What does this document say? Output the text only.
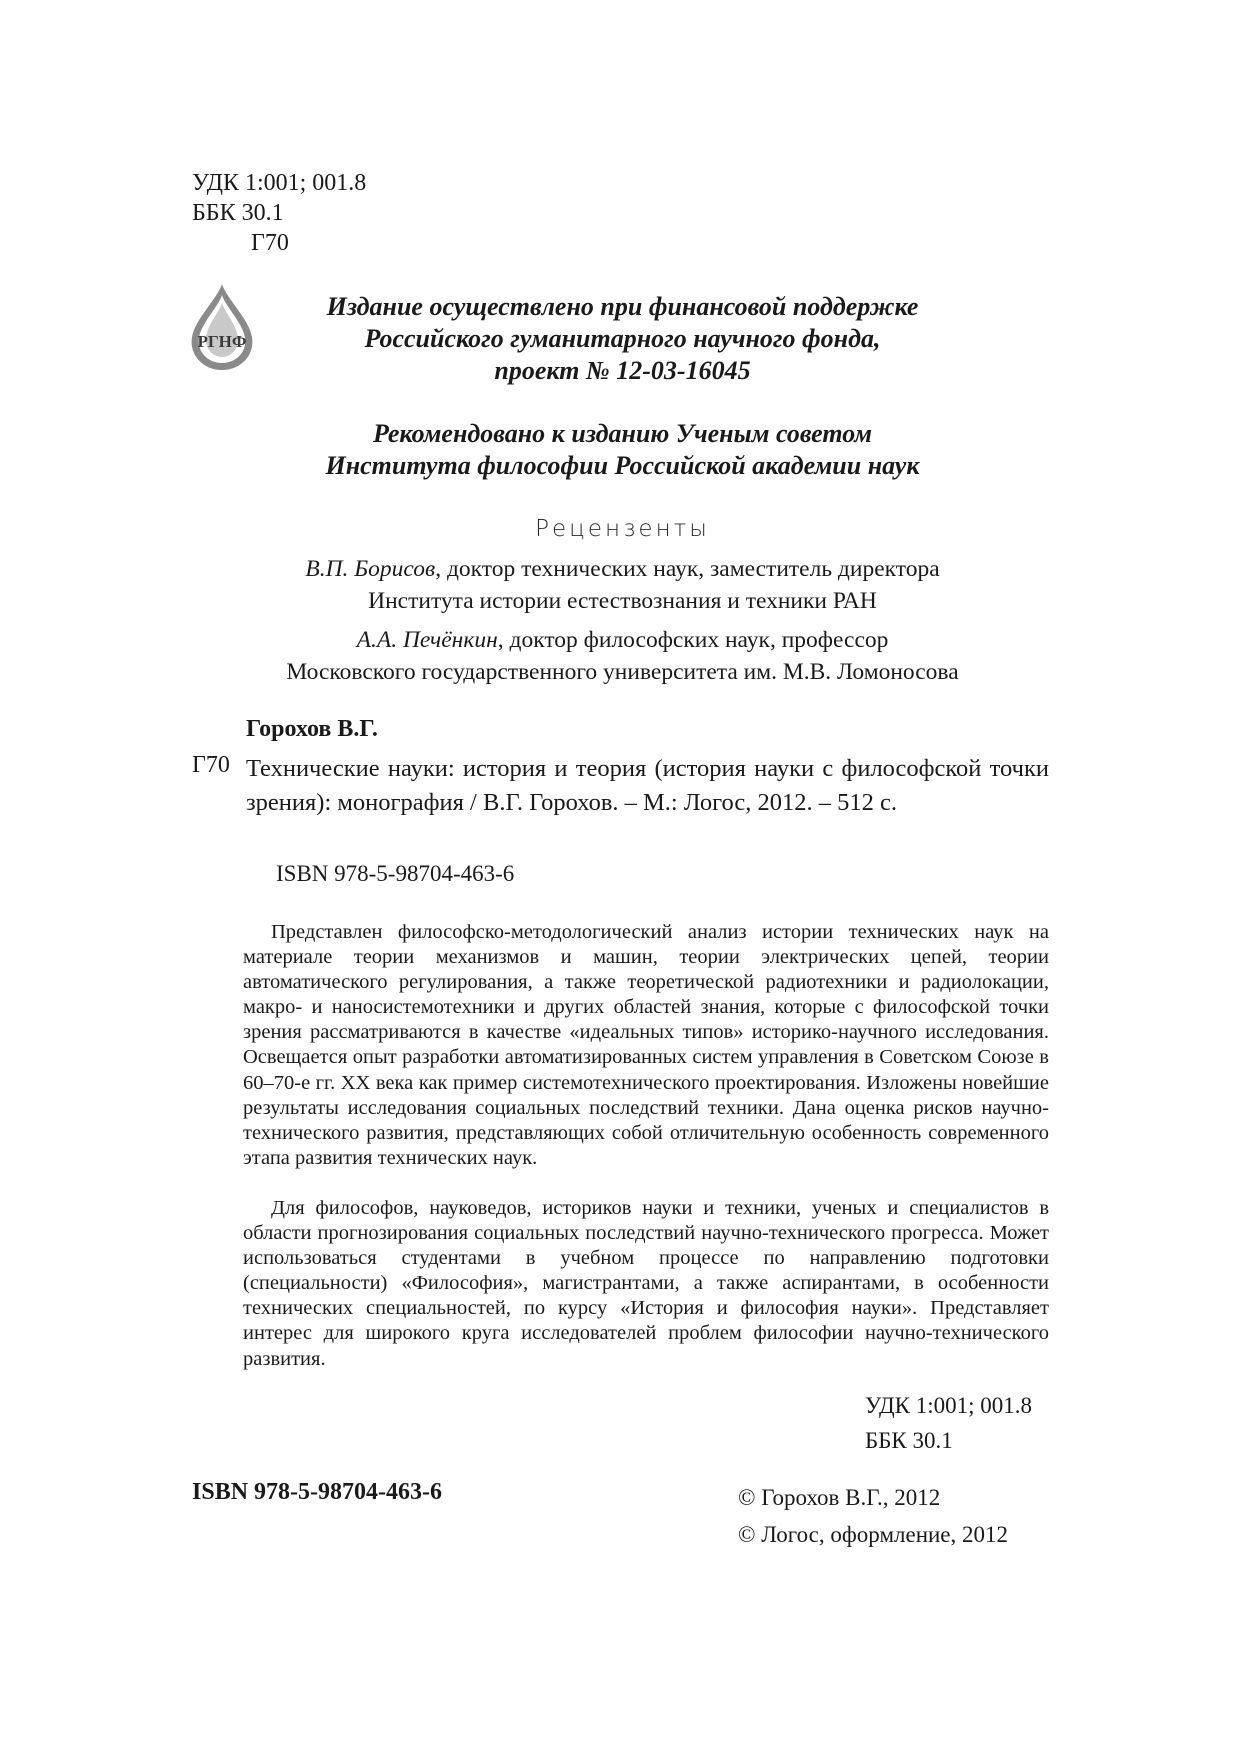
УДК 1:001; 001.8
ББК 30.1
Г70
РГНФ
Издание осуществлено при финансовой поддержке
Российского гуманитарного научного фонда,
проект № 12-03-16045
Рекомендовано к изданию Ученым советом
Института философии Российской академии наук
Рецензенты
В.П. Борисов, доктор технических наук, заместитель директора
Института истории естествознания и техники РАН
А.А. Печёнкин, доктор философских наук, профессор
Московского государственного университета им. М.В. Ломоносова
Горохов В.Г.
Г70 Технические науки: история и теория (история науки с философской точки зрения): монография / В.Г. Горохов. – М.: Логос, 2012. – 512 с.
ISBN 978-5-98704-463-6
Представлен философско-методологический анализ истории технических наук на материале теории механизмов и машин, теории электрических цепей, теории автоматического регулирования, а также теоретической радиотехники и радиолокации, макро- и наносистемотехники и других областей знания, которые с философской точки зрения рассматриваются в качестве «идеальных типов» историко-научного исследования. Освещается опыт разработки автоматизированных систем управления в Советском Союзе в 60–70-е гг. XX века как пример системотехнического проектирования. Изложены новейшие результаты исследования социальных последствий техники. Дана оценка рисков научно-технического развития, представляющих собой отличительную особенность современного этапа развития технических наук.
Для философов, науковедов, историков науки и техники, ученых и специалистов в области прогнозирования социальных последствий научно-технического прогресса. Может использоваться студентами в учебном процессе по направлению подготовки (специальности) «Философия», магистрантами, а также аспирантами, в особенности технических специальностей, по курсу «История и философия науки». Представляет интерес для широкого круга исследователей проблем философии научно-технического развития.
УДК 1:001; 001.8
ББК 30.1
ISBN 978-5-98704-463-6	© Горохов В.Г., 2012
© Логос, оформление, 2012
